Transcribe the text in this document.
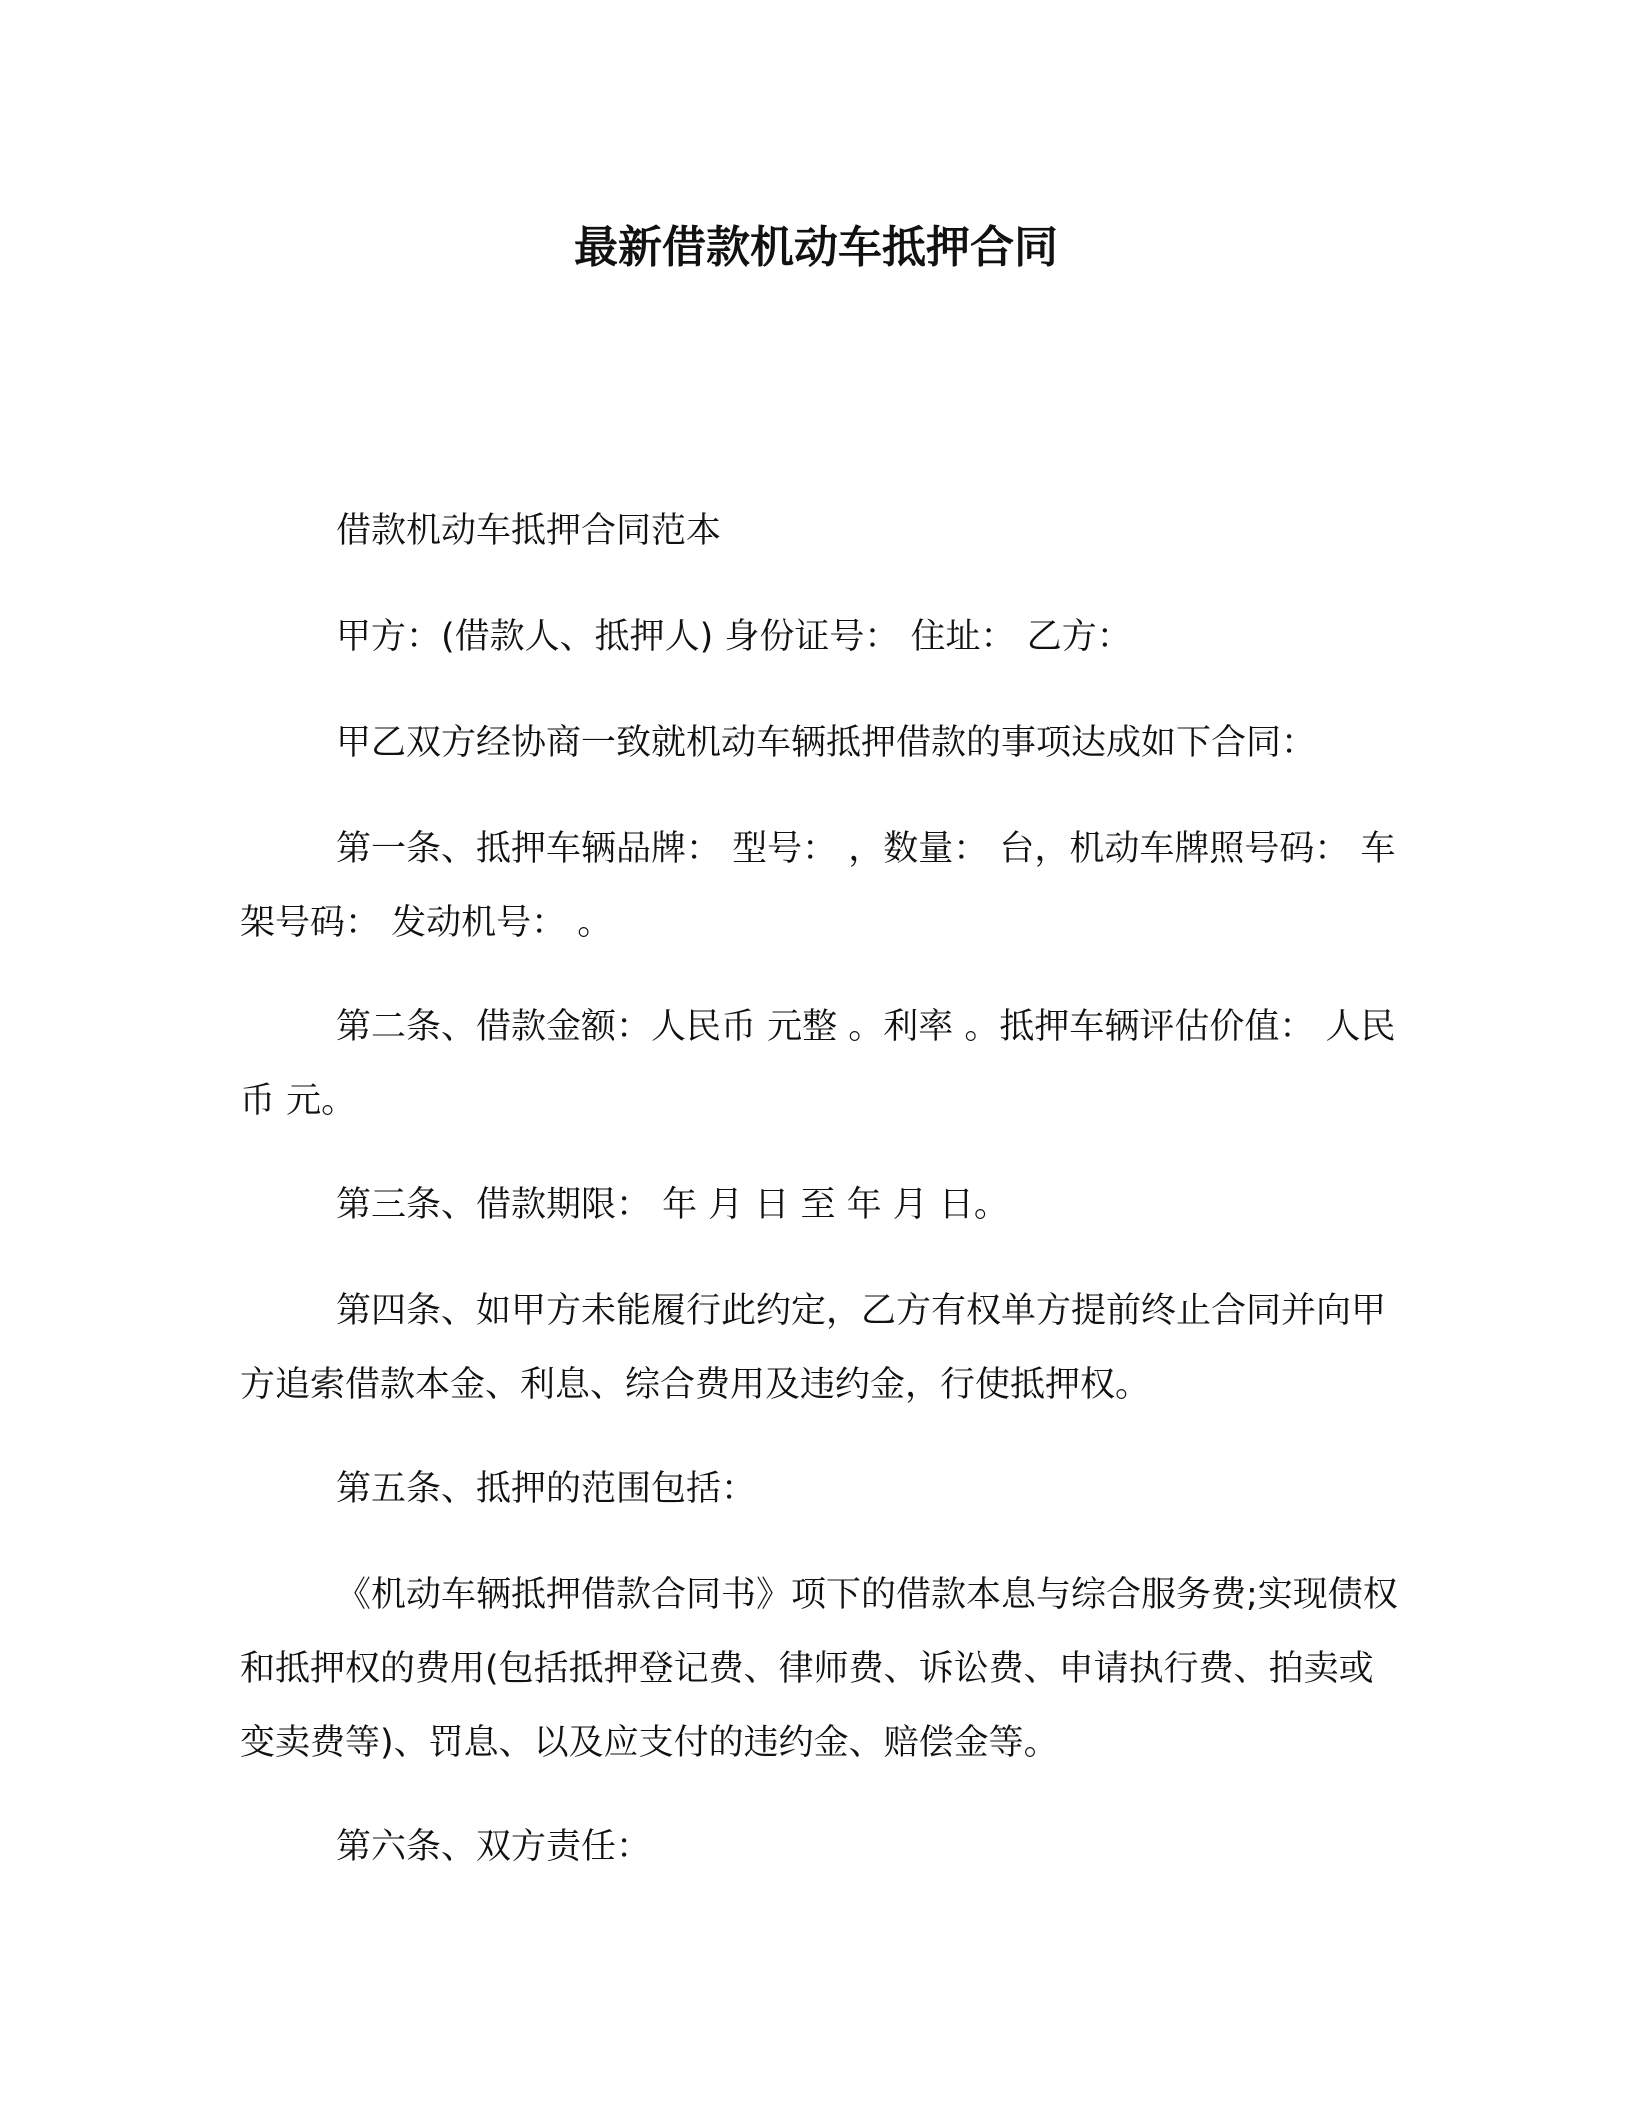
最新借款机动车抵押合同

借款机动车抵押合同范本

甲方：(借款人、抵押人) 身份证号： 住址： 乙方：

甲乙双方经协商一致就机动车辆抵押借款的事项达成如下合同：

第一条、抵押车辆品牌： 型号： ，数量： 台，机动车牌照号码： 车架号码： 发动机号： 。

第二条、借款金额：人民币 元整 。利率 。抵押车辆评估价值： 人民币 元。

第三条、借款期限： 年 月 日 至 年 月 日。

第四条、如甲方未能履行此约定，乙方有权单方提前终止合同并向甲方追索借款本金、利息、综合费用及违约金，行使抵押权。

第五条、抵押的范围包括：

《机动车辆抵押借款合同书》项下的借款本息与综合服务费;实现债权和抵押权的费用(包括抵押登记费、律师费、诉讼费、申请执行费、拍卖或变卖费等)、罚息、以及应支付的违约金、赔偿金等。

第六条、双方责任：
